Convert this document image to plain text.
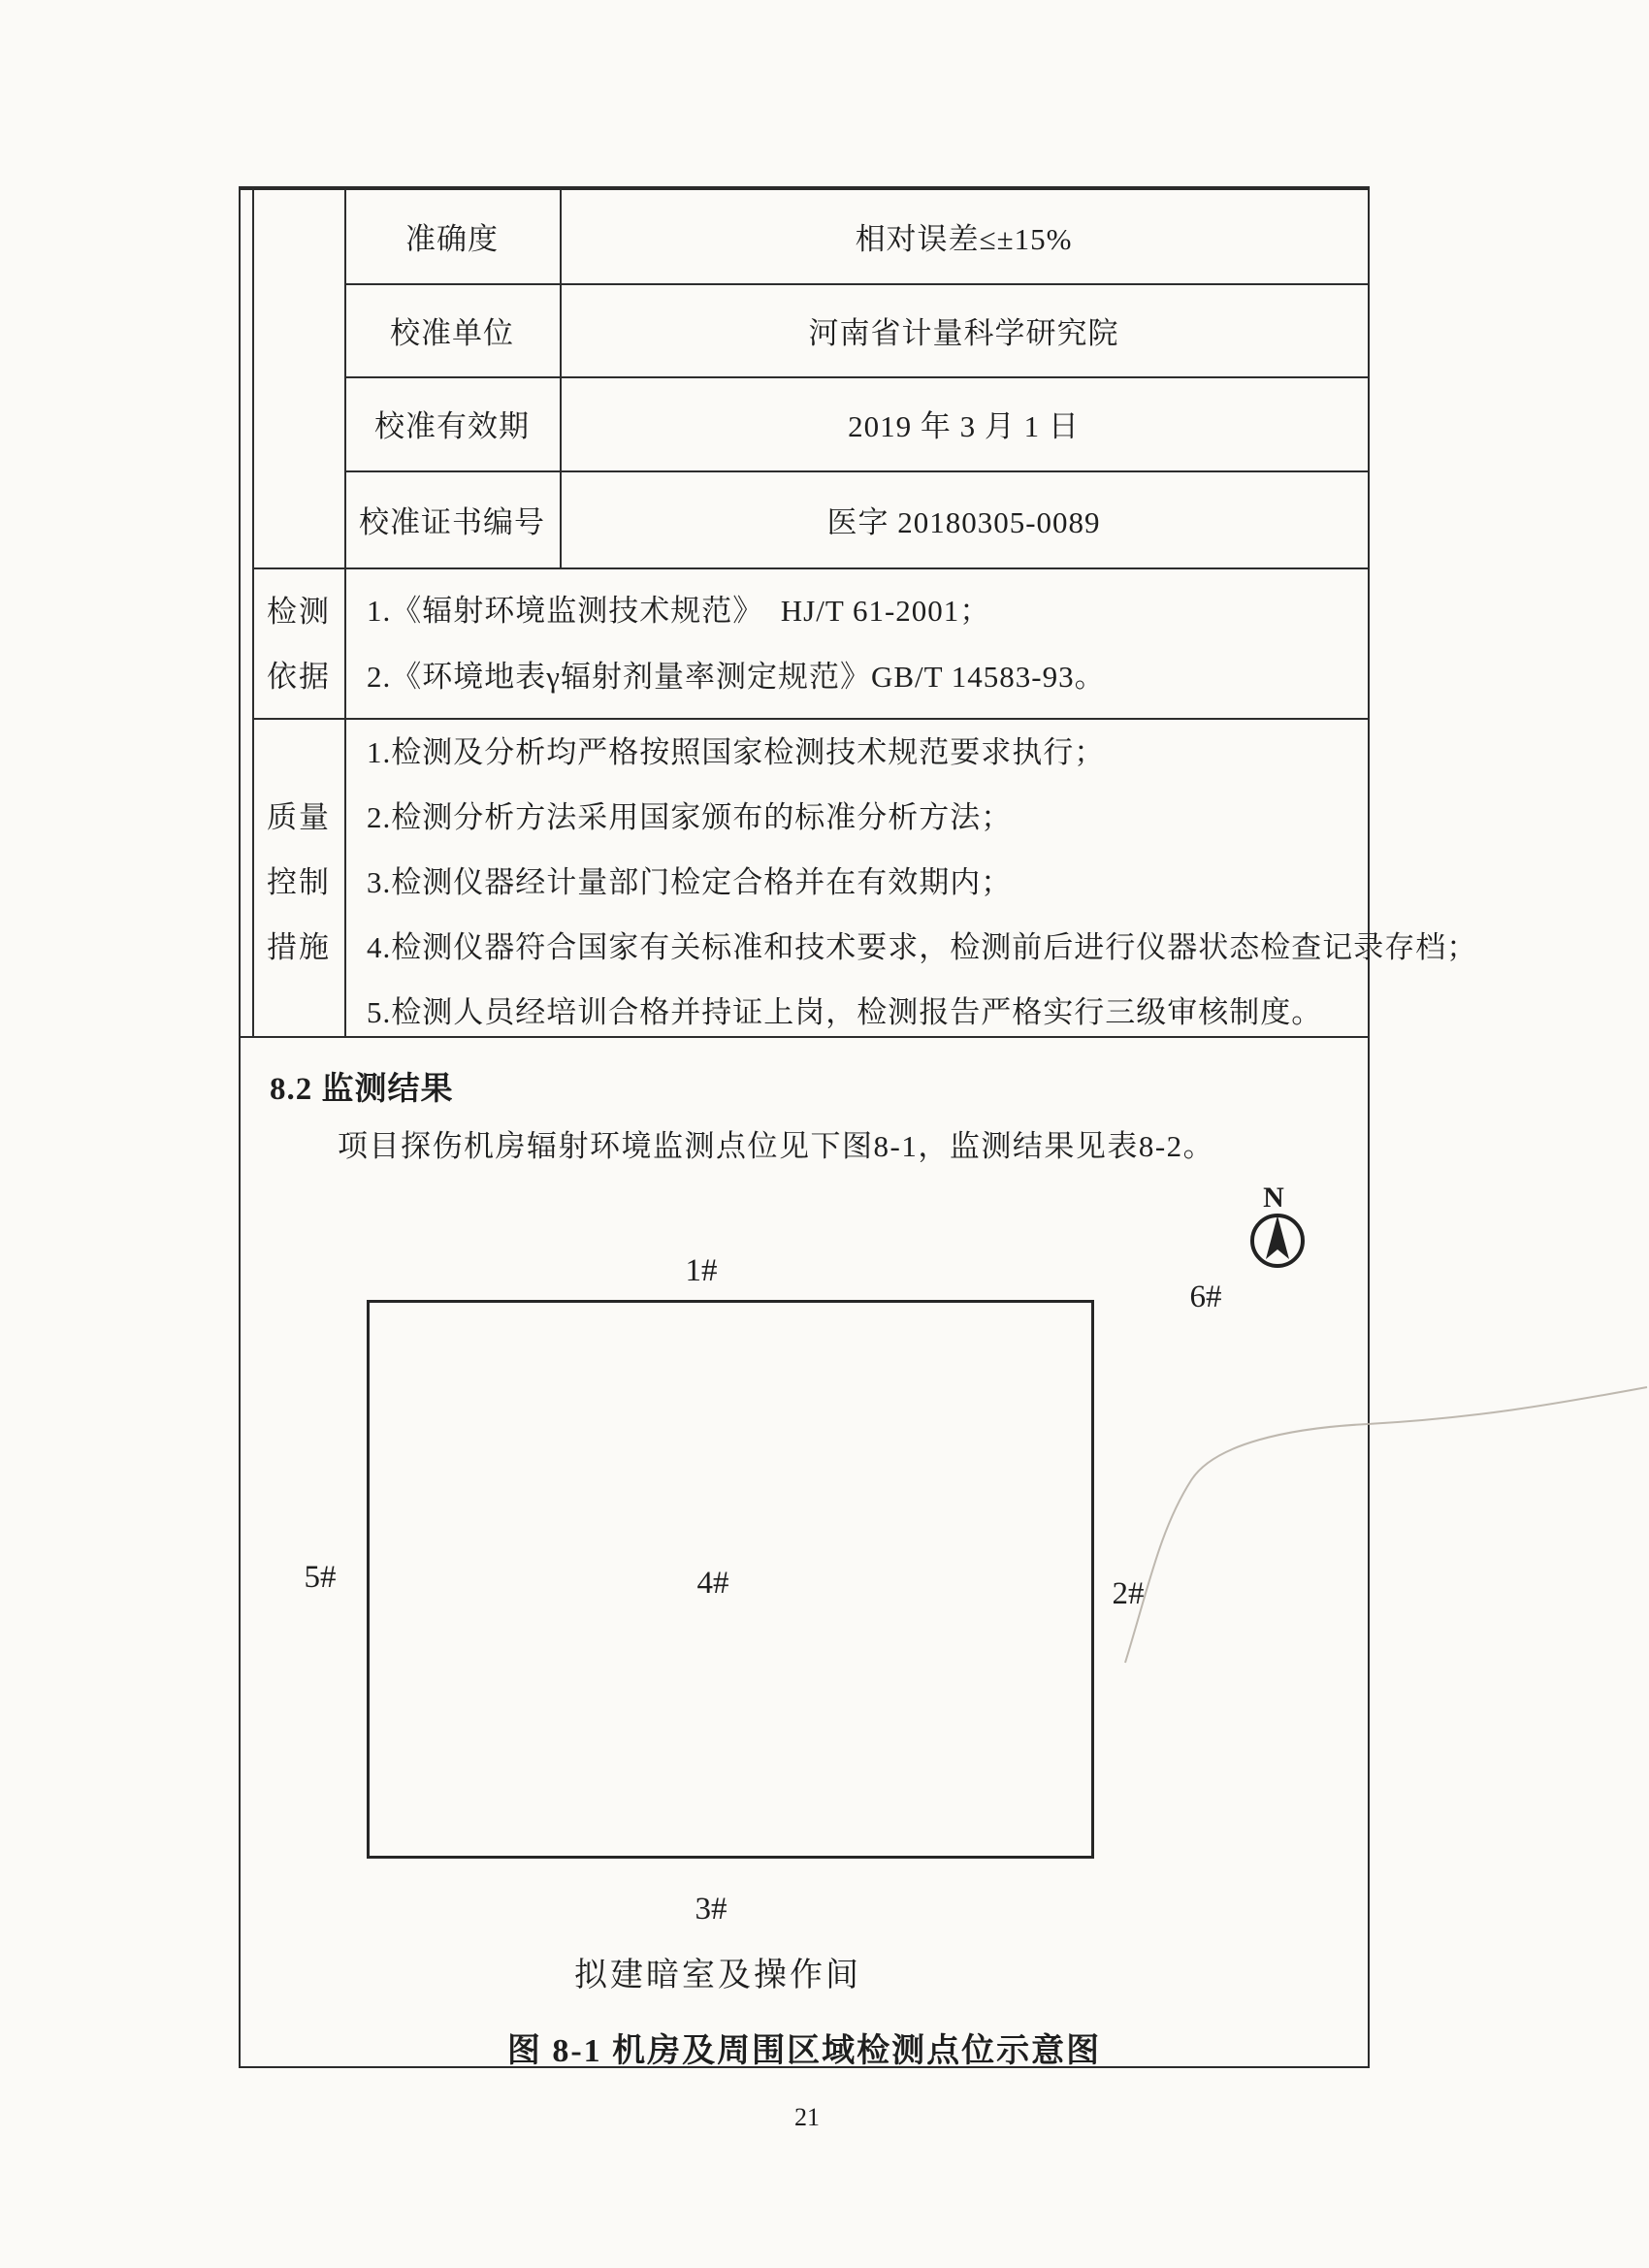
准确度
校准单位
校准有效期
校准证书编号
相对误差≤±15%
河南省计量科学研究院
2019 年 3 月 1 日
医字 20180305-0089
检测
依据
1.《辐射环境监测技术规范》  HJ/T 61-2001；
2.《环境地表γ辐射剂量率测定规范》GB/T 14583-93。
质量
控制
措施
1.检测及分析均严格按照国家检测技术规范要求执行；
2.检测分析方法采用国家颁布的标准分析方法；
3.检测仪器经计量部门检定合格并在有效期内；
4.检测仪器符合国家有关标准和技术要求，检测前后进行仪器状态检查记录存档；
5.检测人员经培训合格并持证上岗，检测报告严格实行三级审核制度。
8.2 监测结果
项目探伤机房辐射环境监测点位见下图8-1，监测结果见表8-2。
N
1#
6#
5#	4#	2#
3#
拟建暗室及操作间
图 8-1 机房及周围区域检测点位示意图
21
